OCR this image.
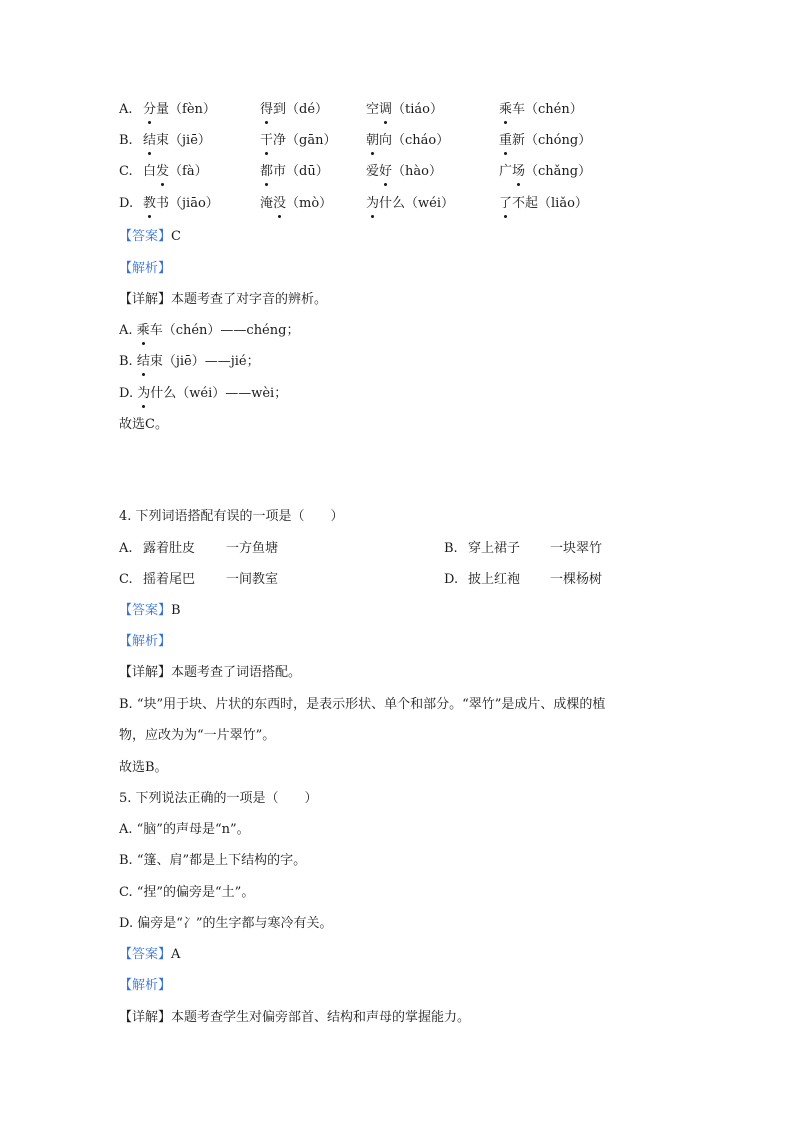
A. 分量（fèn）	得到（dé）	空调（tiáo）	乘车（chén）
B. 结束（jiē）	干净（gān） 朝向（cháo）	重新（chóng）
C. 白发（fà）	都市（dū）	爱好（hào）	广场（chǎng）
D. 教书（jiāo）	淹没（mò）	为什么（wéi）	了不起（liǎo）
【答案】C
【解析】
【详解】本题考查了对字音的辨析。
A. 乘车（chén）——chéng；
B. 结束（jiē）——jié；
D. 为什么（wéi）——wèi；
故选C。
4. 下列词语搭配有误的一项是（　　）
A. 露着肚皮 一方鱼塘	B. 穿上裙子 一块翠竹
C. 摇着尾巴 一间教室	D. 披上红袍 一棵杨树
【答案】B
【解析】
【详解】本题考查了词语搭配。
B. “块”用于块、片状的东西时，是表示形状、单个和部分。“翠竹”是成片、成棵的植
物，应改为为“一片翠竹”。
故选B。
5. 下列说法正确的一项是（　　）
A. “脑”的声母是“n”。
B. “篷、肩”都是上下结构的字。
C. “捏”的偏旁是“土”。
D. 偏旁是“冫”的生字都与寒冷有关。
【答案】A
【解析】
【详解】本题考查学生对偏旁部首、结构和声母的掌握能力。
